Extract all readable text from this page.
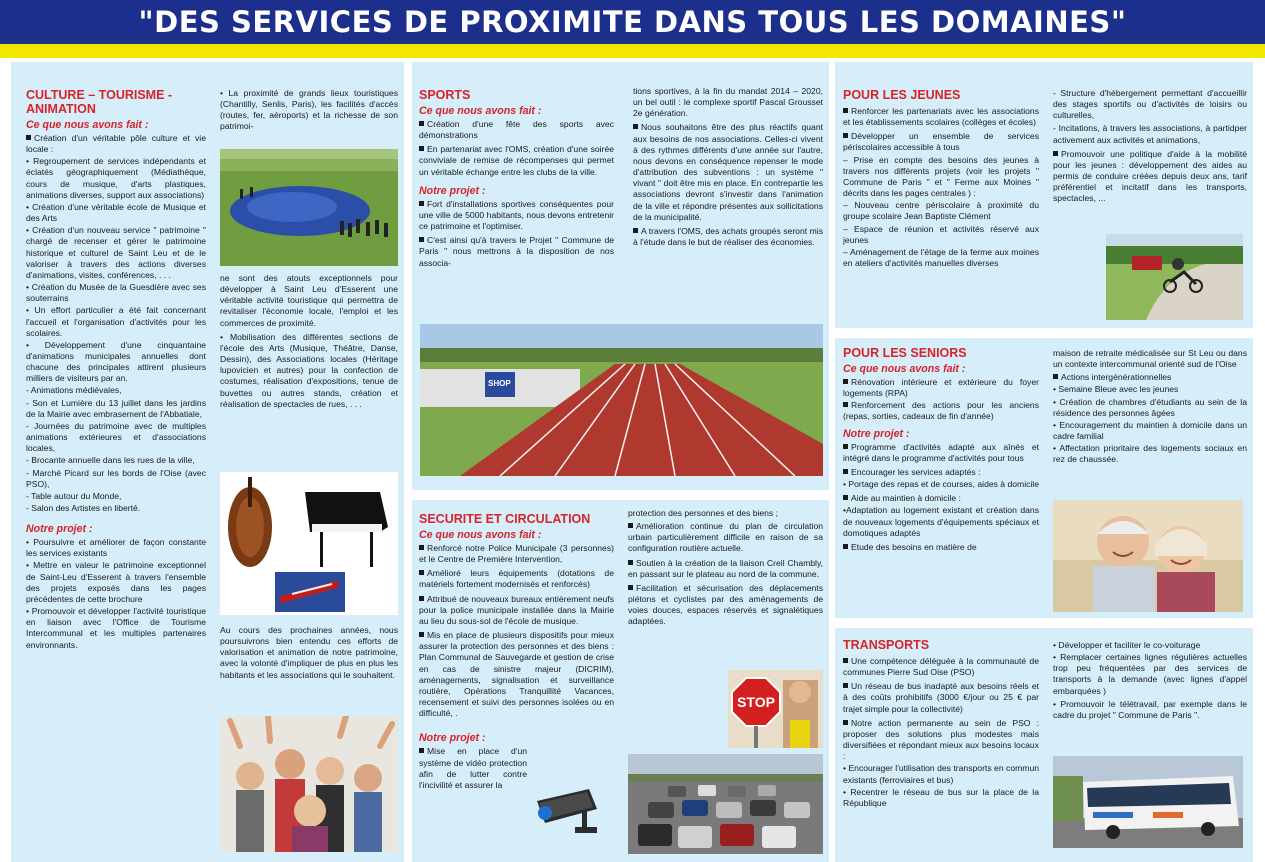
"DES SERVICES DE PROXIMITE DANS TOUS LES DOMAINES"
CULTURE – TOURISME -
ANIMATION
Ce que nous avons fait :

Création d'un véritable pôle culture et vie locale :

• Regroupement de services indépendants et éclatés géographiquement (Médiathèque, cours de musique, d'arts plastiques, animations diverses, support aux associations)

• Création d'une véritable école de Musique et des Arts

• Création d'un nouveau service " patrimoine " chargé de recenser et gérer le patrimoine historique et culturel de Saint Leu et de le valoriser à travers des actions diverses d'animations, visites, conférences, . . .

• Création du Musée de la Guesdière avec ses souterrains

• Un effort particulier a été fait concernant l'accueil et l'organisation d'activités pour les scolaires.

• Développement d'une cinquantaine d'animations municipales annuelles dont chacune des principales attirent plusieurs milliers de visiteurs par an.

- Animations médiévales,

- Son et Lumière du 13 juillet dans les jardins de la Mairie avec embrasement de l'Abbatiale,

- Journées du patrimoine avec de multiples animations extérieures et d'associations locales,

- Brocante annuelle dans les rues de la ville,

- Marché Picard sur les bords de l'Oise (avec PSO),

- Table autour du Monde,

- Salon des Artistes en liberté.

Notre projet :

• Poursuivre et améliorer de façon constante les services existants

• Mettre en valeur le patrimoine exceptionnel de Saint-Leu d'Esserent à travers l'ensemble des projets exposés dans les pages précédentes de cette brochure

• Promouvoir et développer l'activité touristique en liaison avec l'Office de Tourisme Intercommunal et les multiples partenaires environnants.

• La proximité de grands lieux touristiques (Chantilly, Senlis, Paris), les facilités d'accès (routes, fer, aéroports) et la richesse de son patrimoi-

ne sont des atouts exceptionnels pour développer à Saint Leu d'Esserent une véritable activité touristique qui permettra de revitaliser l'économie locale, l'emploi et les commerces de proximité.

• Mobilisation des différentes sections de l'école des Arts (Musique, Théâtre, Danse, Dessin), des Associations locales (Héritage lupovicien et autres) pour la confection de costumes, réalisation d'expositions, tenue de buvettes ou autres stands, création et réalisation de spectacles de rues, . . .

Au cours des prochaines années, nous poursuivrons bien entendu ces efforts de valorisation et animation de notre patrimoine, avec la volonté d'impliquer de plus en plus les habitants et les associations qui le souhaitent.

SPORTS
Ce que nous avons fait :

Création d'une fête des sports avec démonstrations

En partenariat avec l'OMS, création d'une soirée conviviale de remise de récompenses qui permet un véritable échange entre les clubs de la ville.

Notre projet :

Fort d'installations sportives conséquentes pour une ville de 5000 habitants, nous devons entretenir ce patrimoine et l'optimiser.

C'est ainsi qu'à travers le Projet " Commune de Paris " nous mettrons à la disposition de nos associa-

tions sportives, à la fin du mandat 2014 – 2020, un bel outil : le complexe sportif Pascal Grousset 2e génération.

Nous souhaitons être des plus réactifs quant aux besoins de nos associations. Celles-ci vivent à des rythmes différents d'une année sur l'autre, nous devons en conséquence repenser le mode d'attribution des subventions : un système " vivant " doit être mis en place. En contrepartie les associations devront s'investir dans l'animation de la ville et répondre présentes aux sollicitations de la municipalité.

A travers l'OMS, des achats groupés seront mis à l'étude dans le but de réaliser des économies.

SHOP
SECURITE ET CIRCULATION
Ce que nous avons fait :

Renforcé notre Police Municipale (3 personnes) et le Centre de Première Intervention,

Amélioré leurs équipements (dotations de matériels fortement modernisés et renforcés)

Attribué de nouveaux bureaux entièrement neufs pour la police municipale installée dans la Mairie au lieu du sous-sol de l'école de musique.

Mis en place de plusieurs dispositifs pour mieux assurer la protection des personnes et des biens : Plan Communal de Sauvegarde et gestion de crise en cas de sinistre majeur (DICRIM), aménagements, signalisation et surveillance routière, Opérations Tranquillité Vacances, recensement et suivi des personnes isolées ou en difficulté, .

Notre projet :

Mise en place d'un système de vidéo protection afin de lutter contre l'incivilité et assurer la

protection des personnes et des biens ;

Amélioration continue du plan de circulation urbain particulièrement difficile en raison de sa configuration routière actuelle.

Soutien à la création de la liaison Creil Chambly, en passant sur le plateau au nord de la commune.

Facilitation et sécurisation des déplacements piétons et cyclistes par des aménagements de voies douces, espaces réservés et signalétiques adaptées.

STOP
POUR LES JEUNES

Renforcer les partenariats avec les associations et les établissements scolaires (collèges et écoles)

Développer un ensemble de services périscolaires accessible à tous

– Prise en compte des besoins des jeunes à travers nos différents projets (voir les projets " Commune de Paris " et " Ferme aux Moines " décrits dans les pages centrales ) :

– Nouveau centre périscolaire à proximité du groupe scolaire Jean Baptiste Clément

– Espace de réunion et activités réservé aux jeunes

– Aménagement de l'étage de la ferme aux moines en ateliers d'activités manuelles diverses

- Structure d'hébergement permettant d'accueillir des stages sportifs ou d'activités de loisirs ou culturelles,

- Incitations, à travers les associations, à partidper activement aux activités et animations,

Promouvoir une politique d'aide à la mobilité pour les jeunes : développement des aides au permis de conduire créées depuis deux ans, tarif préférentiel et incitatif dans les transports, spectacles, ...

POUR LES SENIORS
Ce que nous avons fait :

Rénovation intérieure et extérieure du foyer logements (RPA)

Renforcement des actions pour les anciens (repas, sorties, cadeaux de fin d'année)

Notre projet :

Programme d'activités adapté aux aînés et intégré dans le programme d'activités pour tous

Encourager les services adaptés :

• Portage des repas et de courses, aides à domicile

Aide au maintien à domicile :

•Adaptation au logement existant et création dans de nouveaux logements d'équipements spéciaux et domotiques adaptés

Etude des besoins en matière de

maison de retraite médicalisée sur St Leu ou dans un contexte intercommunal orienté sud de l'Oise

Actions intergénérationnelles

• Semaine Bleue avec les jeunes

• Création de chambres d'étudiants au sein de la résidence des personnes âgées

• Encouragement du maintien à domicile dans un cadre familial

• Affectation prioritaire des logements sociaux en rez de chaussée.

TRANSPORTS

Une compétence déléguée à la communauté de communes Pierre Sud Oise (PSO)

Un réseau de bus inadapté aux besoins réels et à des coûts prohibitifs (3000 €/jour ou 25 € par trajet simple pour la collectivité)

Notre action permanente au sein de PSO : proposer des solutions plus modestes mais diversifiées et répondant mieux aux besoins locaux :

• Encourager l'utilisation des transports en commun existants (ferroviaires et bus)

• Recentrer le réseau de bus sur la place de la République

• Développer et faciliter le co-voiturage

• Remplacer certaines lignes régulières actuelles trop peu fréquentées par des services de transports à la demande (avec lignes d'appel embarquées )

• Promouvoir le télétravail, par exemple dans le cadre du projet " Commune de Paris ".
